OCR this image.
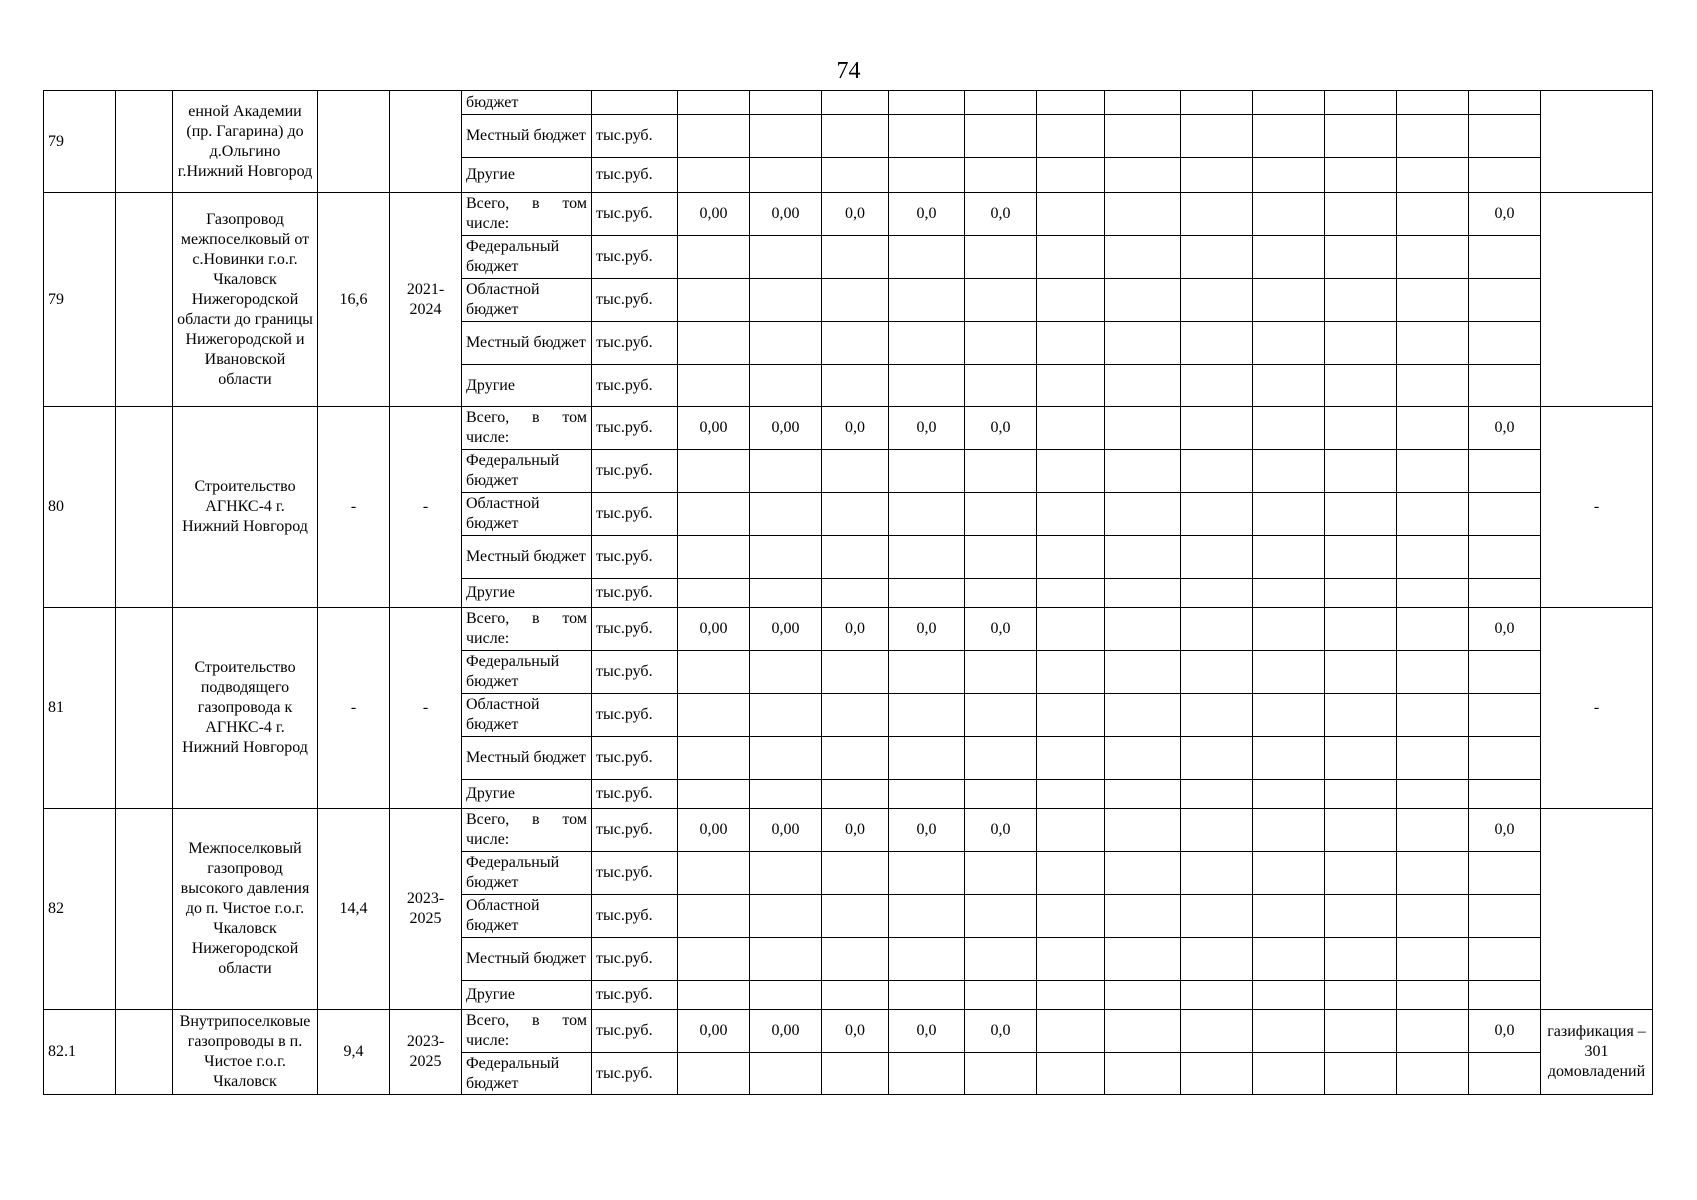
74
79		енной Академии (пр. Гагарина) до д.Ольгино г.Нижний Новгород			бюджет														
					Местный бюджет	тыс.руб.													
					Другие	тыс.руб.													
79		Газопровод межпоселковый от с.Новинки г.о.г. Чкаловск Нижегородской области до границы Нижегородской и Ивановской области	16,6	2021-2024	Всего, в том числе:	тыс.руб.	0,00	0,00	0,0	0,0	0,0							0,0	
					Федеральный бюджет	тыс.руб.													
					Областной бюджет	тыс.руб.													
					Местный бюджет	тыс.руб.													
					Другие	тыс.руб.													
80		Строительство АГНКС-4 г. Нижний Новгород	-	-	Всего, в том числе:	тыс.руб.	0,00	0,00	0,0	0,0	0,0							0,0	-
					Федеральный бюджет	тыс.руб.													
					Областной бюджет	тыс.руб.													
					Местный бюджет	тыс.руб.													
					Другие	тыс.руб.													
81		Строительство подводящего газопровода к АГНКС-4 г. Нижний Новгород	-	-	Всего, в том числе:	тыс.руб.	0,00	0,00	0,0	0,0	0,0							0,0	-
					Федеральный бюджет	тыс.руб.													
					Областной бюджет	тыс.руб.													
					Местный бюджет	тыс.руб.													
					Другие	тыс.руб.													
82		Межпоселковый газопровод высокого давления до п. Чистое г.о.г. Чкаловск Нижегородской области	14,4	2023-2025	Всего, в том числе:	тыс.руб.	0,00	0,00	0,0	0,0	0,0							0,0	
					Федеральный бюджет	тыс.руб.													
					Областной бюджет	тыс.руб.													
					Местный бюджет	тыс.руб.													
					Другие	тыс.руб.													
82.1		Внутрипоселковые газопроводы в п. Чистое г.о.г. Чкаловск	9,4	2023-2025	Всего, в том числе:	тыс.руб.	0,00	0,00	0,0	0,0	0,0							0,0	газификация – 301 домовладений
					Федеральный бюджет	тыс.руб.													
